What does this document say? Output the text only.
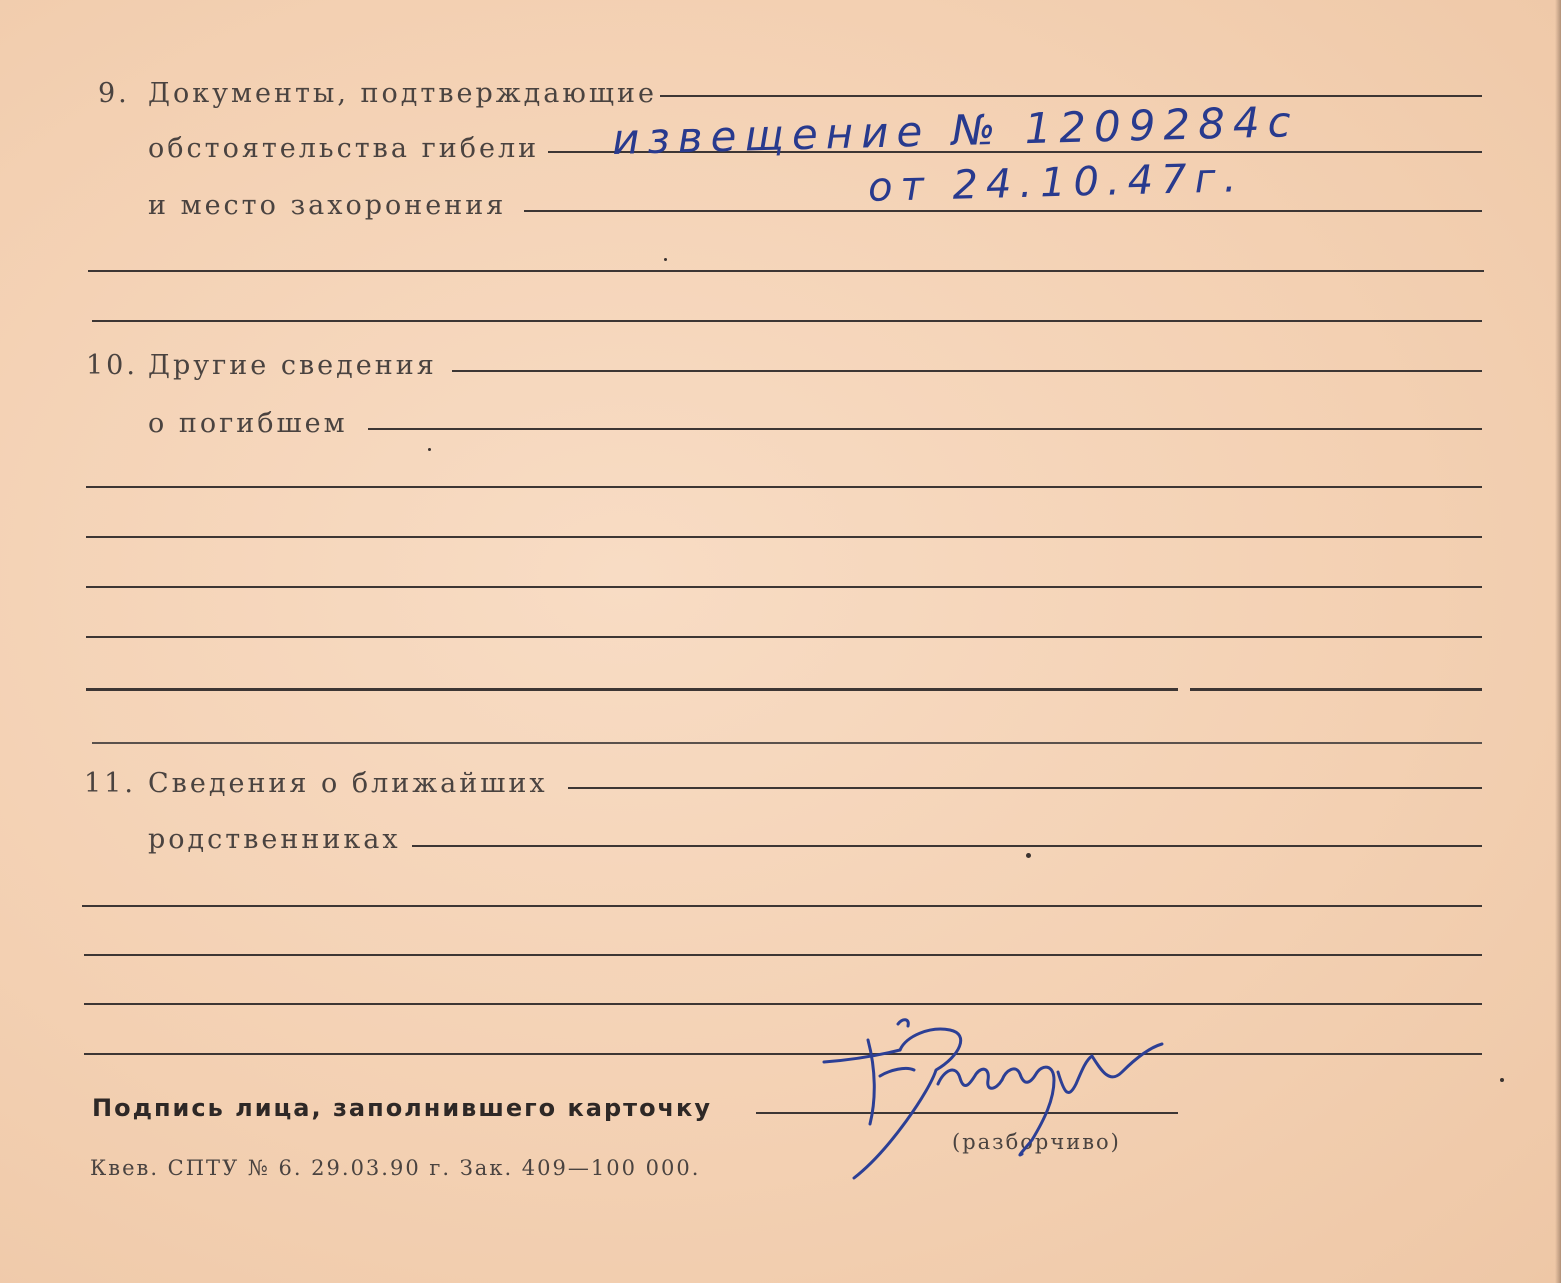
9. Документы, подтверждающие
обстоятельства гибели
и место захоронения
извещение № 1209284с
от 24.10.47г.
10. Другие сведения
о погибшем
11. Сведения о ближайших
родственниках
Подпись лица, заполнившего карточку
(разборчиво)
Квев. СПТУ № 6. 29.03.90 г. Зак. 409—100 000.
